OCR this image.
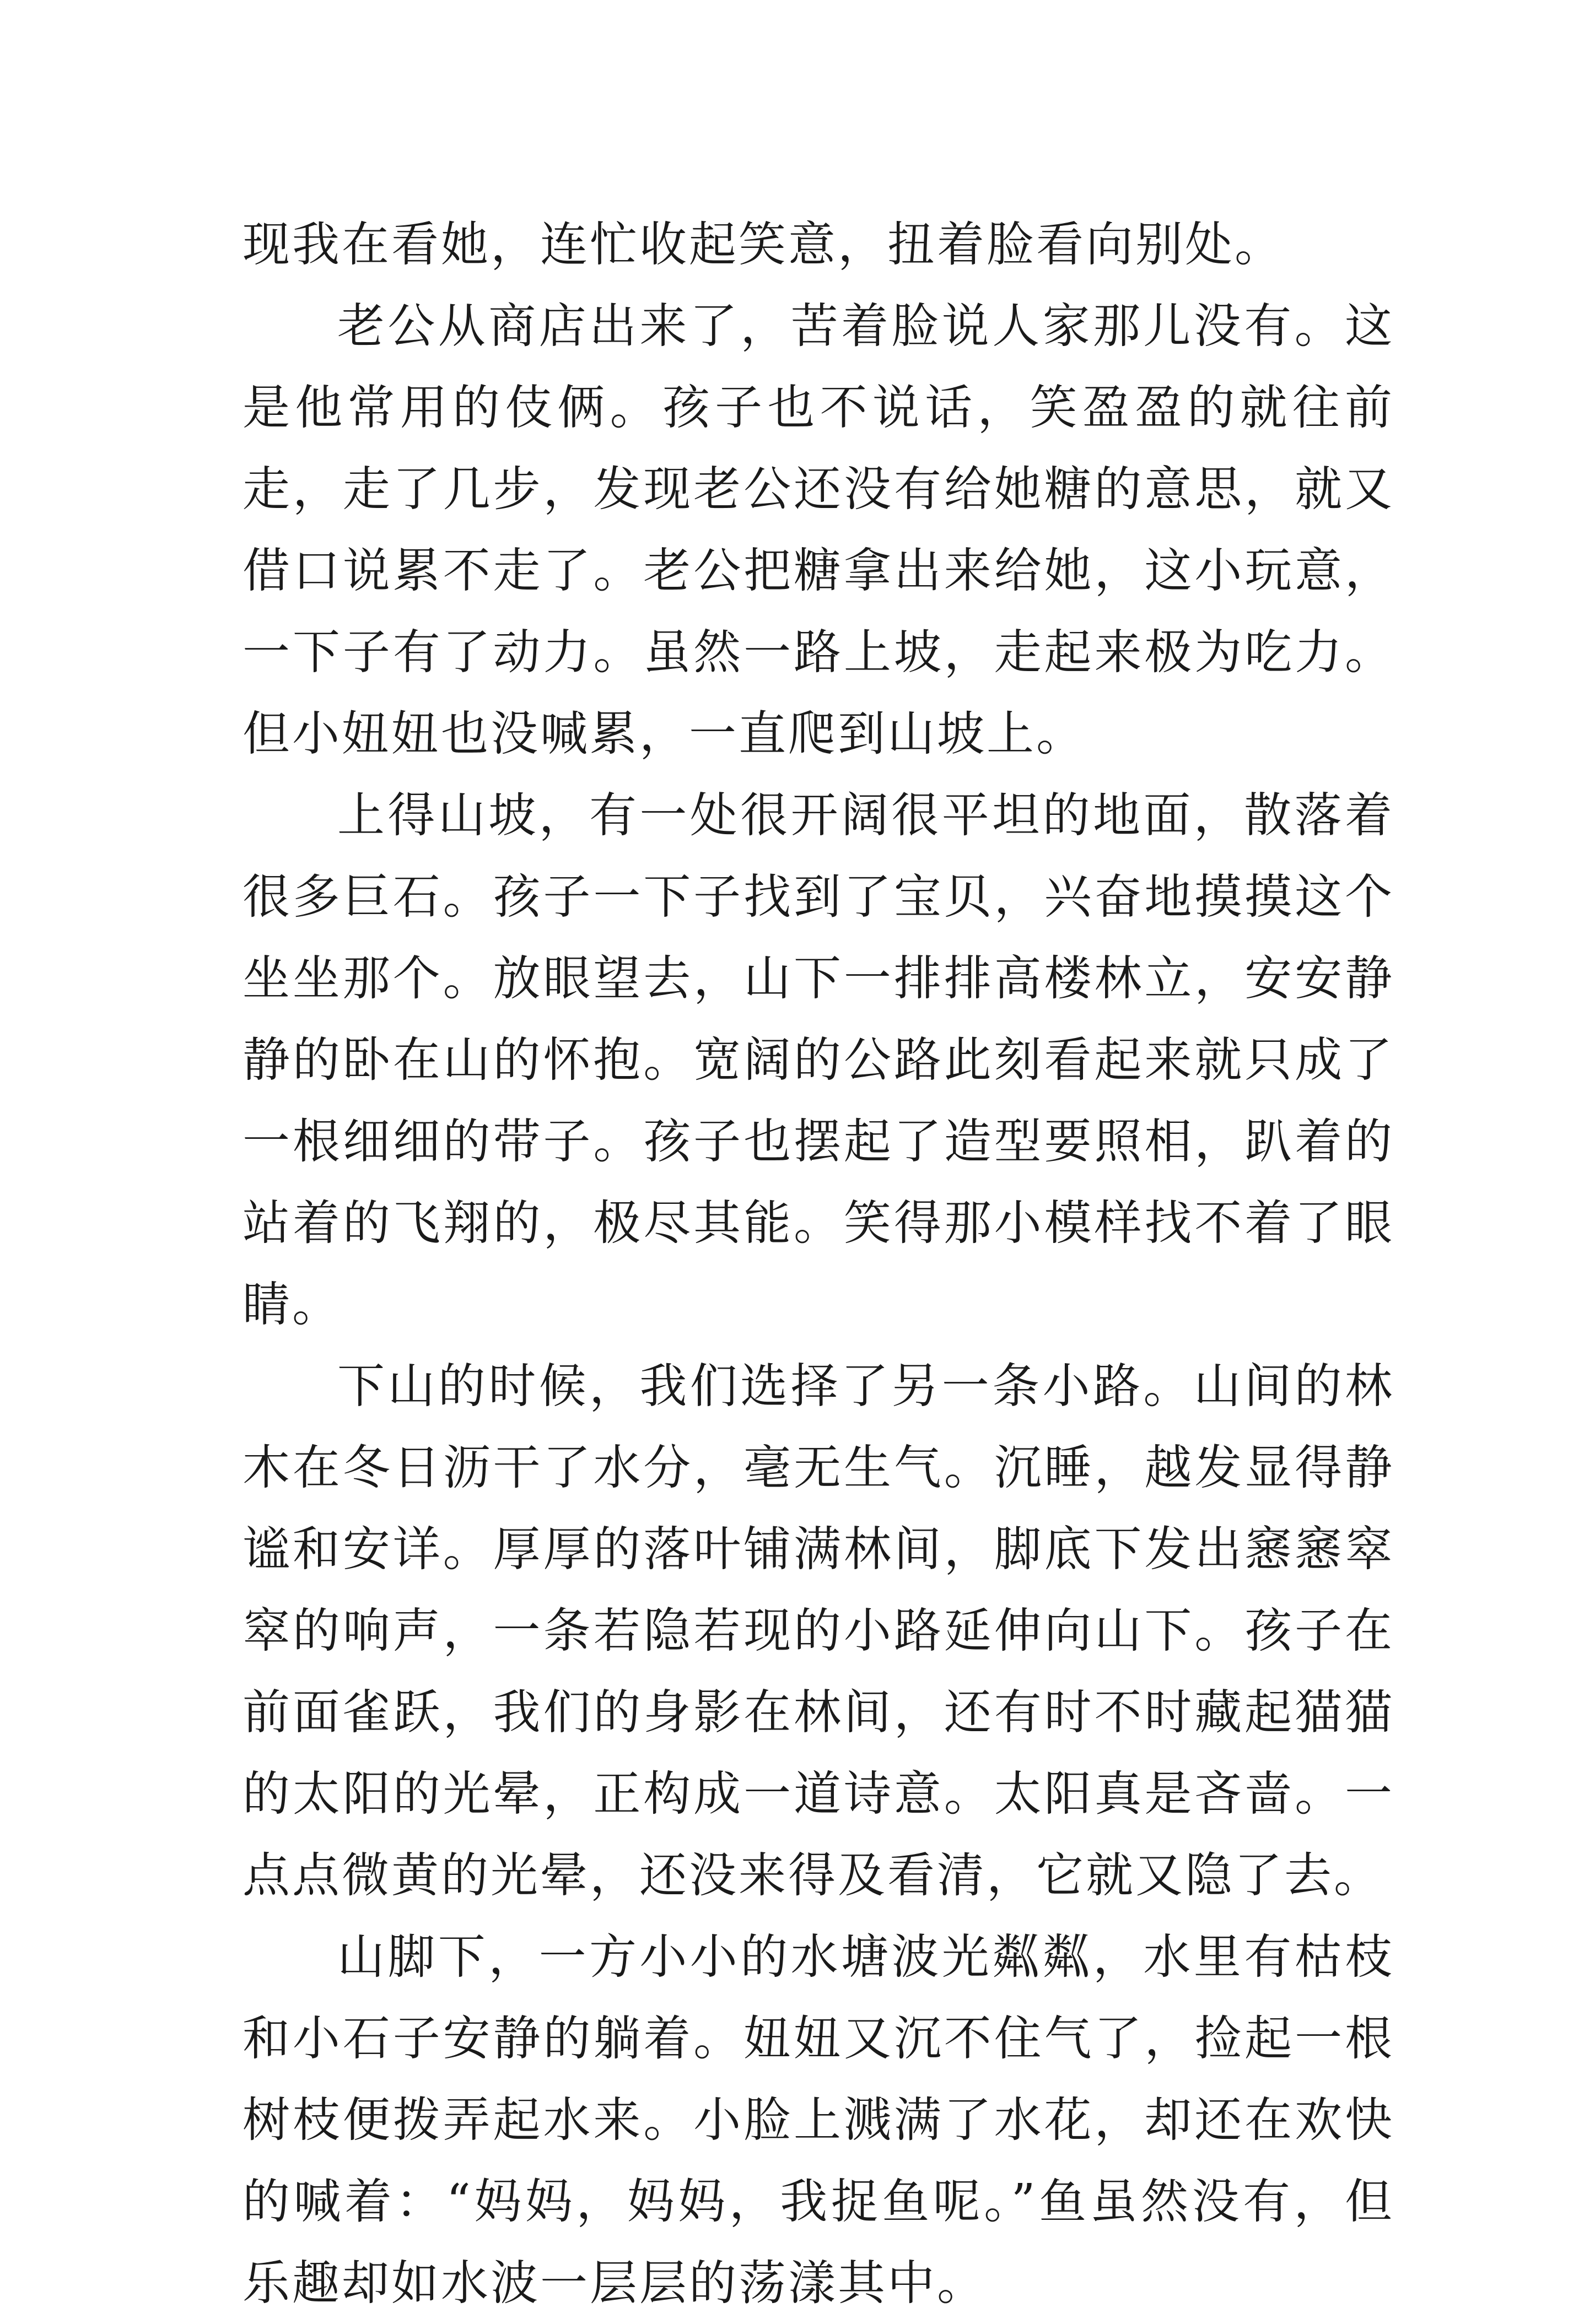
现我在看她，连忙收起笑意，扭着脸看向别处。

老公从商店出来了，苦着脸说人家那儿没有。这是他常用的伎俩。孩子也不说话，笑盈盈的就往前走，走了几步，发现老公还没有给她糖的意思，就又借口说累不走了。老公把糖拿出来给她，这小玩意，一下子有了动力。虽然一路上坡，走起来极为吃力。但小妞妞也没喊累，一直爬到山坡上。

上得山坡，有一处很开阔很平坦的地面，散落着很多巨石。孩子一下子找到了宝贝，兴奋地摸摸这个坐坐那个。放眼望去，山下一排排高楼林立，安安静静的卧在山的怀抱。宽阔的公路此刻看起来就只成了一根细细的带子。孩子也摆起了造型要照相，趴着的站着的飞翔的，极尽其能。笑得那小模样找不着了眼睛。

下山的时候，我们选择了另一条小路。山间的林木在冬日沥干了水分，毫无生气。沉睡，越发显得静谧和安详。厚厚的落叶铺满林间，脚底下发出窸窸窣窣的响声，一条若隐若现的小路延伸向山下。孩子在前面雀跃，我们的身影在林间，还有时不时藏起猫猫的太阳的光晕，正构成一道诗意。太阳真是吝啬。一点点微黄的光晕，还没来得及看清，它就又隐了去。

山脚下，一方小小的水塘波光粼粼，水里有枯枝和小石子安静的躺着。妞妞又沉不住气了，捡起一根树枝便拨弄起水来。小脸上溅满了水花，却还在欢快的喊着：“妈妈，妈妈，我捉鱼呢。”鱼虽然没有，但乐趣却如水波一层层的荡漾其中。
